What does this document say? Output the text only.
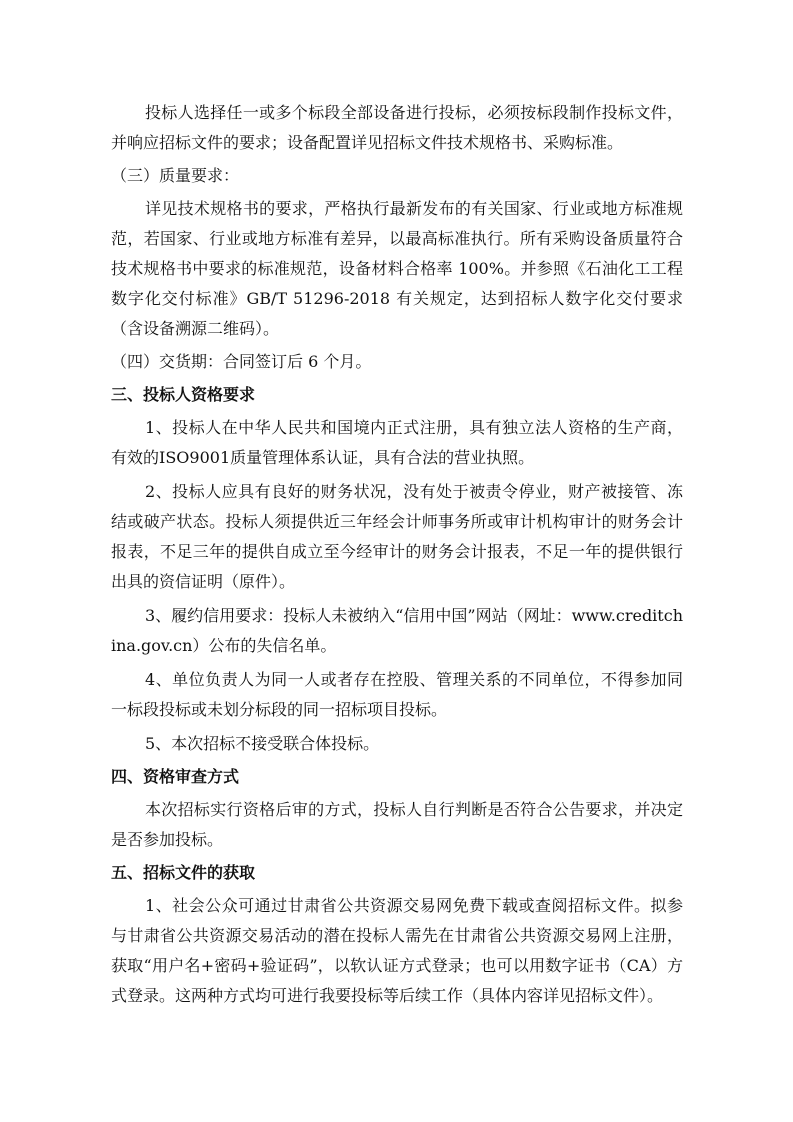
投标人选择任一或多个标段全部设备进行投标，必须按标段制作投标文件，并响应招标文件的要求；设备配置详见招标文件技术规格书、采购标准。

（三）质量要求：

详见技术规格书的要求，严格执行最新发布的有关国家、行业或地方标准规范，若国家、行业或地方标准有差异，以最高标准执行。所有采购设备质量符合技术规格书中要求的标准规范，设备材料合格率 100%。并参照《石油化工工程数字化交付标准》GB/T 51296-2018 有关规定，达到招标人数字化交付要求（含设备溯源二维码）。

（四）交货期：合同签订后 6 个月。

三、投标人资格要求

1、投标人在中华人民共和国境内正式注册，具有独立法人资格的生产商，有效的ISO9001质量管理体系认证，具有合法的营业执照。

2、投标人应具有良好的财务状况，没有处于被责令停业，财产被接管、冻结或破产状态。投标人须提供近三年经会计师事务所或审计机构审计的财务会计报表，不足三年的提供自成立至今经审计的财务会计报表，不足一年的提供银行出具的资信证明（原件）。

3、履约信用要求：投标人未被纳入“信用中国”网站（网址：www.creditchina.gov.cn）公布的失信名单。

4、单位负责人为同一人或者存在控股、管理关系的不同单位，不得参加同一标段投标或未划分标段的同一招标项目投标。

5、本次招标不接受联合体投标。

四、资格审查方式

本次招标实行资格后审的方式，投标人自行判断是否符合公告要求，并决定是否参加投标。

五、招标文件的获取

1、社会公众可通过甘肃省公共资源交易网免费下载或查阅招标文件。拟参与甘肃省公共资源交易活动的潜在投标人需先在甘肃省公共资源交易网上注册，获取“用户名+密码+验证码”，以软认证方式登录；也可以用数字证书（CA）方式登录。这两种方式均可进行我要投标等后续工作（具体内容详见招标文件）。
